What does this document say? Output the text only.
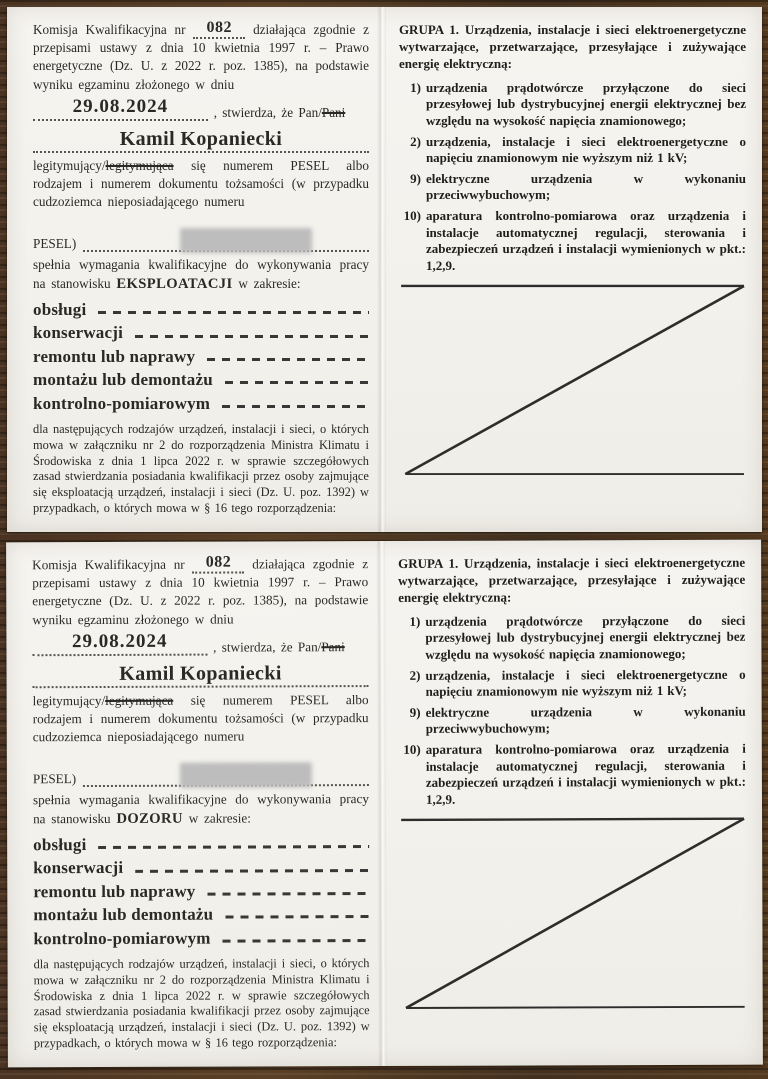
Komisja Kwalifikacyjna nr 082 działająca zgodnie z przepisami ustawy z dnia 10 kwietnia 1997 r. – Prawo energetyczne (Dz. U. z 2022 r. poz. 1385), na podstawie wyniku egzaminu złożonego w dniu

29.08.2024	, stwierdza, że Pan/Pani
Kamil Kopaniecki

legitymujący/legitymująca się numerem PESEL albo rodzajem i numerem dokumentu tożsamości (w przypadku cudzoziemca nieposiadającego numeru

PESEL)

spełnia wymagania kwalifikacyjne do wykonywania pracy na stanowisku EKSPLOATACJI w zakresie:

obsługi
konserwacji
remontu lub naprawy
montażu lub demontażu
kontrolno-pomiarowym

dla następujących rodzajów urządzeń, instalacji i sieci, o których mowa w załączniku nr 2 do rozporządzenia Ministra Klimatu i Środowiska z dnia 1 lipca 2022 r. w sprawie szczegółowych zasad stwierdzania posiadania kwalifikacji przez osoby zajmujące się eksploatacją urządzeń, instalacji i sieci (Dz. U. poz. 1392) w przypadkach, o których mowa w § 16 tego rozporządzenia:

GRUPA 1. Urządzenia, instalacje i sieci elektroenergetyczne wytwarzające, przetwarzające, przesyłające i zużywające energię elektryczną:

1) urządzenia prądotwórcze przyłączone do sieci przesyłowej lub dystrybucyjnej energii elektrycznej bez względu na wysokość napięcia znamionowego;
2) urządzenia, instalacje i sieci elektroenergetyczne o napięciu znamionowym nie wyższym niż 1 kV;
9) elektryczne urządzenia w wykonaniu przeciwwybuchowym;
10) aparatura kontrolno-pomiarowa oraz urządzenia i instalacje automatycznej regulacji, sterowania i zabezpieczeń urządzeń i instalacji wymienionych w pkt.: 1,2,9.

Komisja Kwalifikacyjna nr 082 działająca zgodnie z przepisami ustawy z dnia 10 kwietnia 1997 r. – Prawo energetyczne (Dz. U. z 2022 r. poz. 1385), na podstawie wyniku egzaminu złożonego w dniu

29.08.2024	, stwierdza, że Pan/Pani
Kamil Kopaniecki

legitymujący/legitymująca się numerem PESEL albo rodzajem i numerem dokumentu tożsamości (w przypadku cudzoziemca nieposiadającego numeru

PESEL)

spełnia wymagania kwalifikacyjne do wykonywania pracy na stanowisku DOZORU w zakresie:

obsługi
konserwacji
remontu lub naprawy
montażu lub demontażu
kontrolno-pomiarowym

dla następujących rodzajów urządzeń, instalacji i sieci, o których mowa w załączniku nr 2 do rozporządzenia Ministra Klimatu i Środowiska z dnia 1 lipca 2022 r. w sprawie szczegółowych zasad stwierdzania posiadania kwalifikacji przez osoby zajmujące się eksploatacją urządzeń, instalacji i sieci (Dz. U. poz. 1392) w przypadkach, o których mowa w § 16 tego rozporządzenia:

GRUPA 1. Urządzenia, instalacje i sieci elektroenergetyczne wytwarzające, przetwarzające, przesyłające i zużywające energię elektryczną:

1) urządzenia prądotwórcze przyłączone do sieci przesyłowej lub dystrybucyjnej energii elektrycznej bez względu na wysokość napięcia znamionowego;
2) urządzenia, instalacje i sieci elektroenergetyczne o napięciu znamionowym nie wyższym niż 1 kV;
9) elektryczne urządzenia w wykonaniu przeciwwybuchowym;
10) aparatura kontrolno-pomiarowa oraz urządzenia i instalacje automatycznej regulacji, sterowania i zabezpieczeń urządzeń i instalacji wymienionych w pkt.: 1,2,9.
